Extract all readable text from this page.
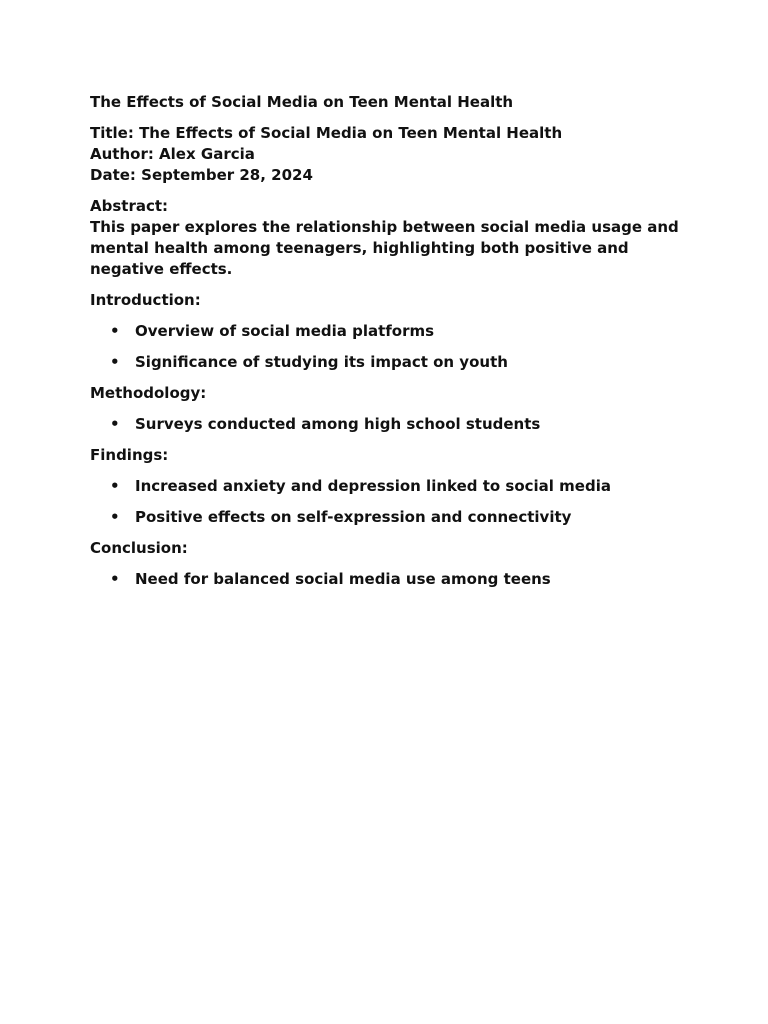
The Effects of Social Media on Teen Mental Health
Title: The Effects of Social Media on Teen Mental Health
Author: Alex Garcia
Date: September 28, 2024
Abstract:
This paper explores the relationship between social media usage and mental health among teenagers, highlighting both positive and negative effects.
Introduction:
• Overview of social media platforms
• Significance of studying its impact on youth
Methodology:
• Surveys conducted among high school students
Findings:
• Increased anxiety and depression linked to social media
• Positive effects on self-expression and connectivity
Conclusion:
• Need for balanced social media use among teens
